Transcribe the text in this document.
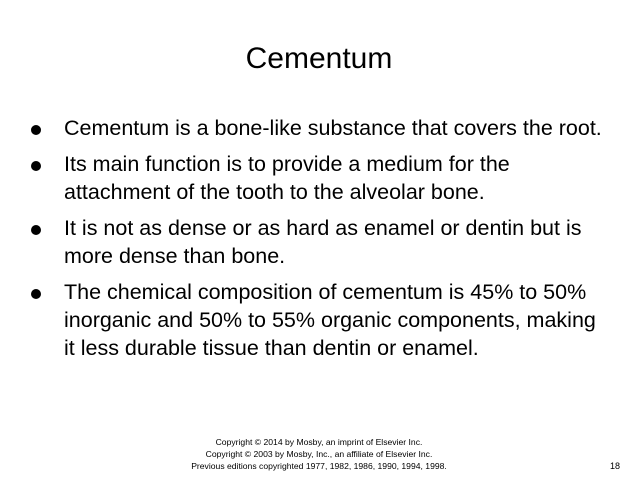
Cementum
Cementum is a bone-like substance that covers the root.
Its main function is to provide a medium for the attachment of the tooth to the alveolar bone.
It is not as dense or as hard as enamel or dentin but is more dense than bone.
The chemical composition of cementum is 45% to 50% inorganic and 50% to 55% organic components, making it less durable tissue than dentin or enamel.
Copyright © 2014 by Mosby, an imprint of Elsevier Inc.
Copyright © 2003 by Mosby, Inc., an affiliate of Elsevier Inc.
Previous editions copyrighted 1977, 1982, 1986, 1990, 1994, 1998.	18
